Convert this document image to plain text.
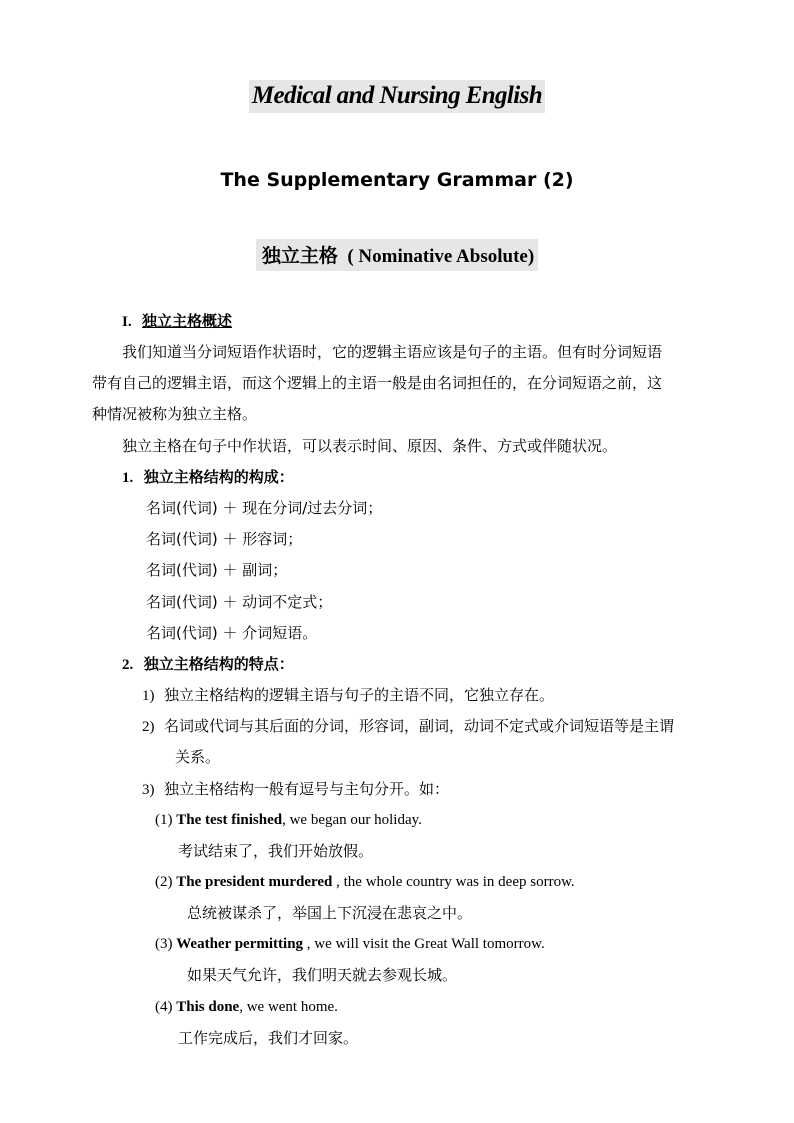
Medical and Nursing English
The Supplementary Grammar (2)
独立主格 ( Nominative Absolute)
I. 独立主格概述
我们知道当分词短语作状语时，它的逻辑主语应该是句子的主语。但有时分词短语
带有自己的逻辑主语，而这个逻辑上的主语一般是由名词担任的，在分词短语之前，这
种情况被称为独立主格。
独立主格在句子中作状语，可以表示时间、原因、条件、方式或伴随状况。
1. 独立主格结构的构成：
名词(代词) ＋ 现在分词/过去分词；
名词(代词) ＋ 形容词；
名词(代词) ＋ 副词；
名词(代词) ＋ 动词不定式；
名词(代词) ＋ 介词短语。
2. 独立主格结构的特点：
1) 独立主格结构的逻辑主语与句子的主语不同，它独立存在。
2) 名词或代词与其后面的分词，形容词，副词，动词不定式或介词短语等是主谓
关系。
3) 独立主格结构一般有逗号与主句分开。如：
(1) The test finished, we began our holiday.
考试结束了，我们开始放假。
(2) The president murdered , the whole country was in deep sorrow.
总统被谋杀了，举国上下沉浸在悲哀之中。
(3) Weather permitting , we will visit the Great Wall tomorrow.
如果天气允许，我们明天就去参观长城。
(4) This done, we went home.
工作完成后，我们才回家。
